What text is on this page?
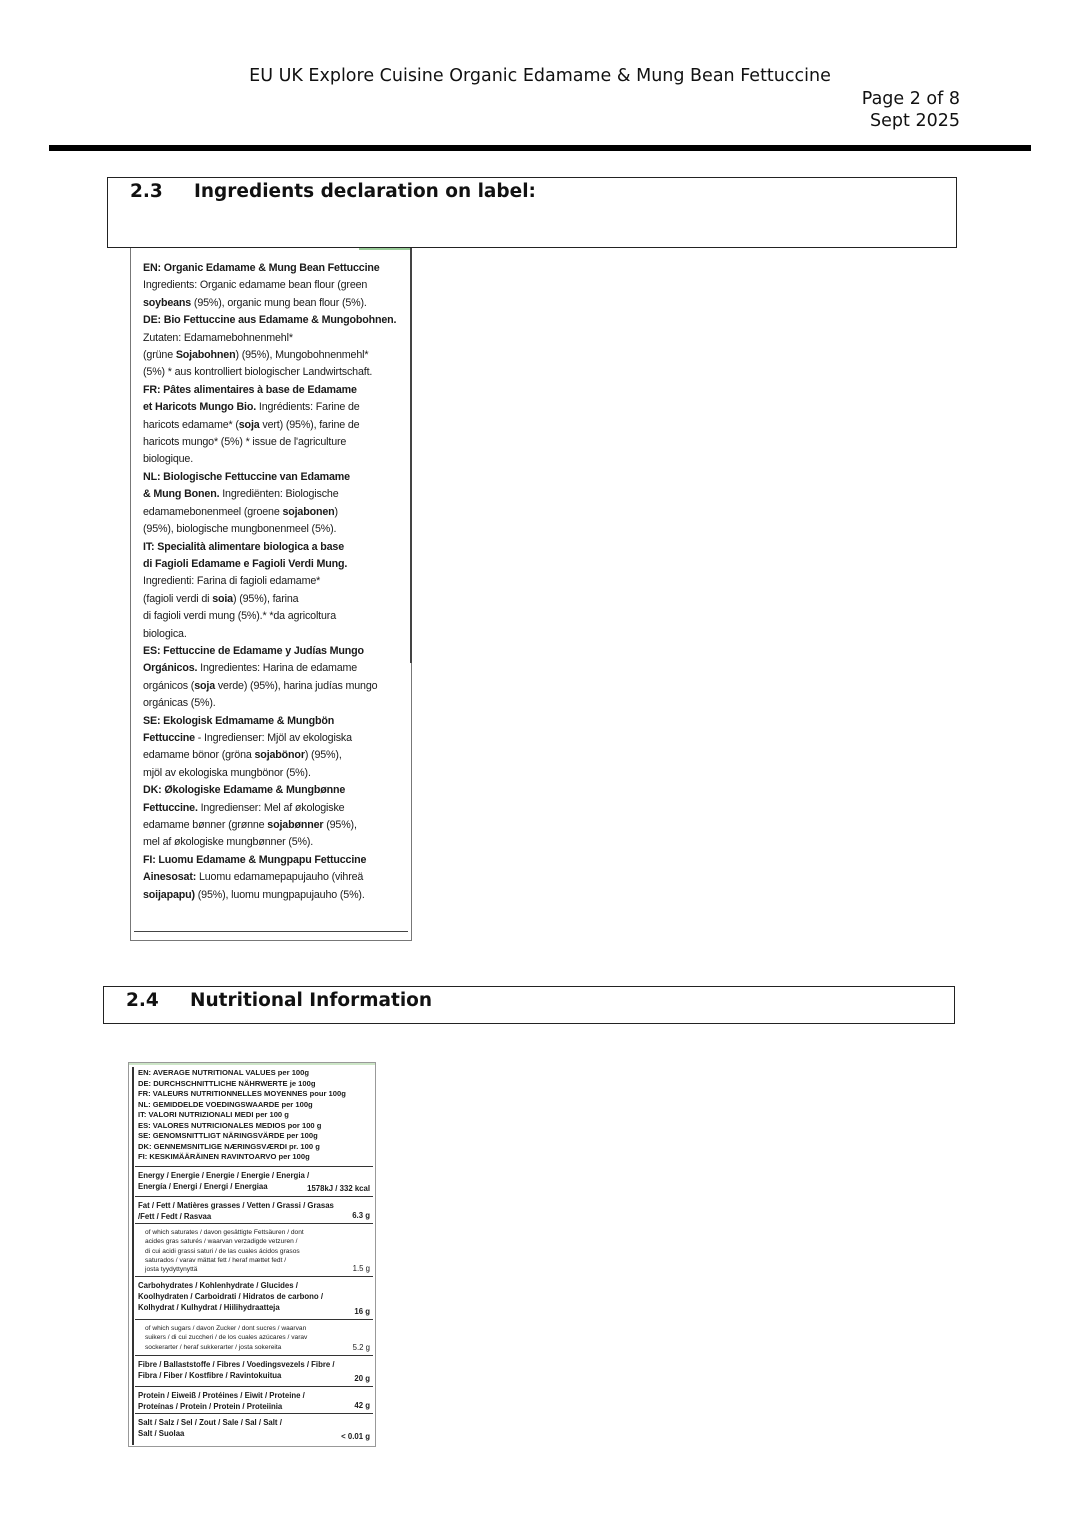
EU UK Explore Cuisine Organic Edamame & Mung Bean Fettuccine
Page 2 of 8
Sept 2025
2.3 Ingredients declaration on label:
EN: Organic Edamame & Mung Bean Fettuccine
Ingredients: Organic edamame bean flour (green
soybeans (95%), organic mung bean flour (5%).
DE: Bio Fettuccine aus Edamame & Mungobohnen.
Zutaten: Edamamebohnenmehl*
(grüne Sojabohnen) (95%), Mungobohnenmehl*
(5%) * aus kontrolliert biologischer Landwirtschaft.
FR: Pâtes alimentaires à base de Edamame
et Haricots Mungo Bio. Ingrédients: Farine de
haricots edamame* (soja vert) (95%), farine de
haricots mungo* (5%) * issue de l'agriculture
biologique.
NL: Biologische Fettuccine van Edamame
& Mung Bonen. Ingrediënten: Biologische
edamamebonenmeel (groene sojabonen)
(95%), biologische mungbonenmeel (5%).
IT: Specialità alimentare biologica a base
di Fagioli Edamame e Fagioli Verdi Mung.
Ingredienti: Farina di fagioli edamame*
(fagioli verdi di soia) (95%), farina
di fagioli verdi mung (5%).* *da agricoltura
biologica.
ES: Fettuccine de Edamame y Judías Mungo
Orgánicos. Ingredientes: Harina de edamame
orgánicos (soja verde) (95%), harina judías mungo
orgánicas (5%).
SE: Ekologisk Edmamame & Mungbön
Fettuccine - Ingredienser: Mjöl av ekologiska
edamame bönor (gröna sojabönor) (95%),
mjöl av ekologiska mungbönor (5%).
DK: Økologiske Edamame & Mungbønne
Fettuccine. Ingredienser: Mel af økologiske
edamame bønner (grønne sojabønner (95%),
mel af økologiske mungbønner (5%).
FI: Luomu Edamame & Mungpapu Fettuccine
Ainesosat: Luomu edamamepapujauho (vihreä
soijapapu) (95%), luomu mungpapujauho (5%).
2.4 Nutritional Information
EN: AVERAGE NUTRITIONAL VALUES per 100g
DE: DURCHSCHNITTLICHE NÄHRWERTE je 100g
FR: VALEURS NUTRITIONNELLES MOYENNES pour 100g
NL: GEMIDDELDE VOEDINGSWAARDE per 100g
IT: VALORI NUTRIZIONALI MEDI per 100 g
ES: VALORES NUTRICIONALES MEDIOS por 100 g
SE: GENOMSNITTLIGT NÄRINGSVÄRDE per 100g
DK: GENNEMSNITLIGE NÆRINGSVÆRDI pr. 100 g
FI: KESKIMÄÄRÄINEN RAVINTOARVO per 100g
Energy / Energie / Energie / Energie / Energia /
Energía / Energi / Energi / Energiaa	1578kJ / 332 kcal
Fat / Fett / Matières grasses / Vetten / Grassi / Grasas
/Fett / Fedt / Rasvaa	6.3 g
of which saturates / davon gesättigte Fettsäuren / dont
acides gras saturés / waarvan verzadigde vetzuren /
di cui acidi grassi saturi / de las cuales ácidos grasos
saturados / varav mättat fett / heraf mættet fedt /
josta tyydyttynyttä	1.5 g
Carbohydrates / Kohlenhydrate / Glucides /
Koolhydraten / Carboidrati / Hidratos de carbono /
Kolhydrat / Kulhydrat / Hiilihydraatteja	16 g
of which sugars / davon Zucker / dont sucres / waarvan
suikers / di cui zuccheri / de los cuales azúcares / varav
sockerarter / heraf sukkerarter / josta sokereita	5.2 g
Fibre / Ballaststoffe / Fibres / Voedingsvezels / Fibre /
Fibra / Fiber / Kostfibre / Ravintokuitua	20 g
Protein / Eiweiß / Protéines / Eiwit / Proteine /
Proteínas / Protein / Protein / Proteiinia	42 g
Salt / Salz / Sel / Zout / Sale / Sal / Salt /
Salt / Suolaa	< 0.01 g
